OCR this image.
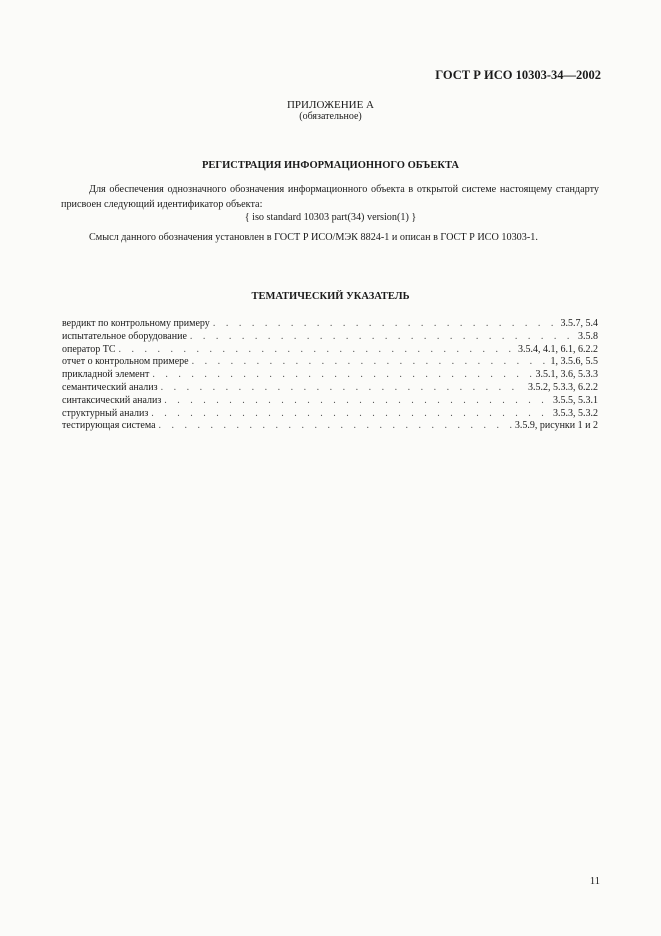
ГОСТ Р ИСО 10303-34—2002
ПРИЛОЖЕНИЕ А
(обязательное)
РЕГИСТРАЦИЯ ИНФОРМАЦИОННОГО ОБЪЕКТА
Для обеспечения однозначного обозначения информационного объекта в открытой системе настоящему стандарту присвоен следующий идентификатор объекта:
{ iso standard 10303 part(34) version(1) }
Смысл данного обозначения установлен в ГОСТ Р ИСО/МЭК 8824-1 и описан в ГОСТ Р ИСО 10303-1.
ТЕМАТИЧЕСКИЙ УКАЗАТЕЛЬ
вердикт по контрольному примеру . . .	3.5.7, 5.4
испытательное оборудование . . .	3.5.8
оператор ТС . . .	3.5.4, 4.1, 6.1, 6.2.2
отчет о контрольном примере . . .	1, 3.5.6, 5.5
прикладной элемент . . .	3.5.1, 3.6, 5.3.3
семантический анализ . . .	3.5.2, 5.3.3, 6.2.2
синтаксический анализ . . .	3.5.5, 5.3.1
структурный анализ . . .	3.5.3, 5.3.2
тестирующая система . . .	3.5.9, рисунки 1 и 2
11
